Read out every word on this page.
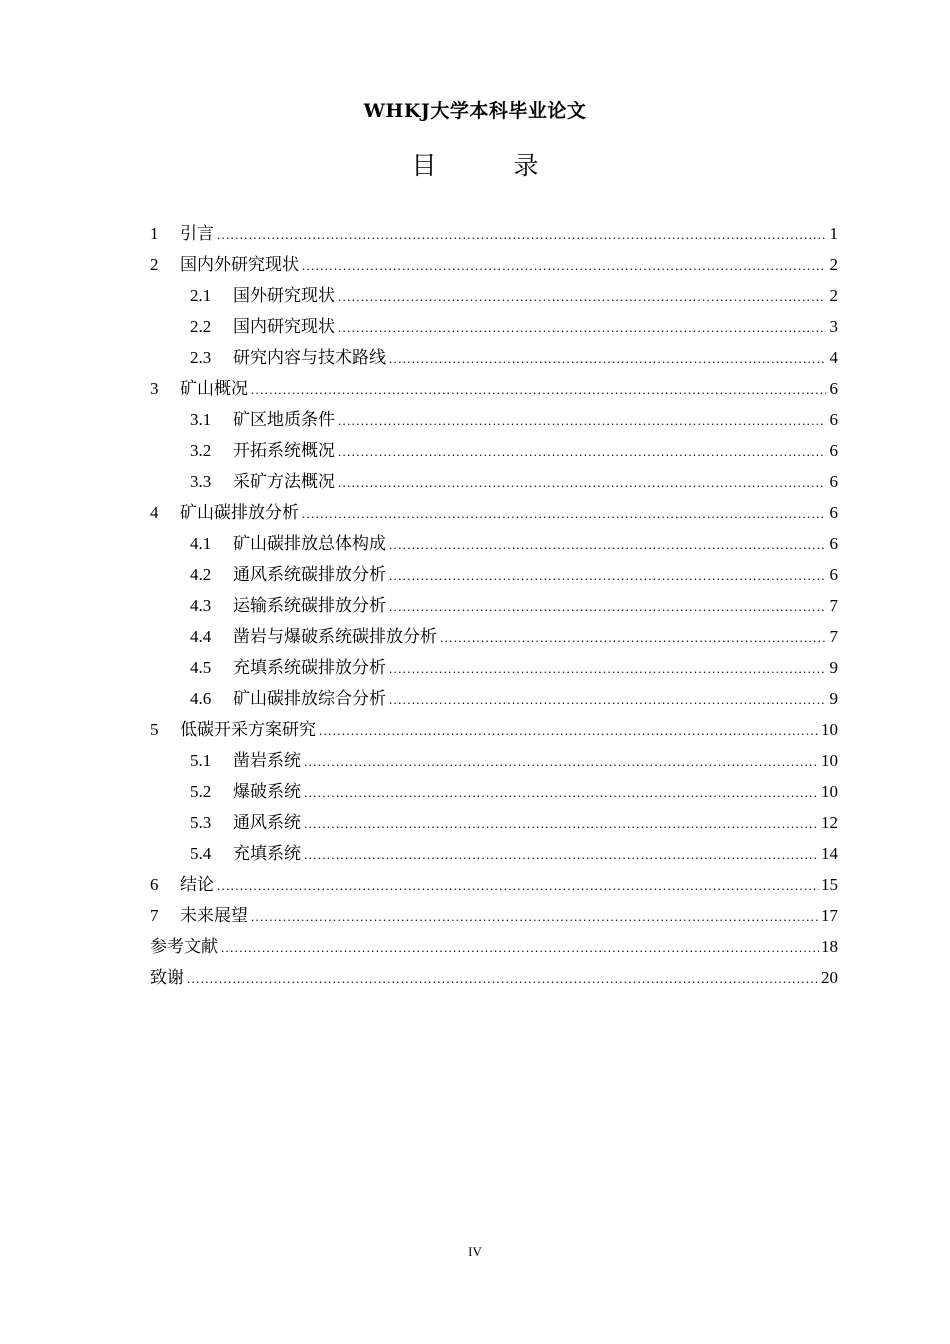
WHKJ大学本科毕业论文
目　录
1	引言 .....	1
2	国内外研究现状 .....	2
2.1	国外研究现状 .....	2
2.2	国内研究现状 .....	3
2.3	研究内容与技术路线 .....	4
3	矿山概况 .....	6
3.1	矿区地质条件 .....	6
3.2	开拓系统概况 .....	6
3.3	采矿方法概况 .....	6
4	矿山碳排放分析 .....	6
4.1	矿山碳排放总体构成 .....	6
4.2	通风系统碳排放分析 .....	6
4.3	运输系统碳排放分析 .....	7
4.4	凿岩与爆破系统碳排放分析 .....	7
4.5	充填系统碳排放分析 .....	9
4.6	矿山碳排放综合分析 .....	9
5	低碳开采方案研究 .....	10
5.1	凿岩系统 .....	10
5.2	爆破系统 .....	10
5.3	通风系统 .....	12
5.4	充填系统 .....	14
6	结论 .....	15
7	未来展望 .....	17
参考文献 .....	18
致谢 .....	20
IV
